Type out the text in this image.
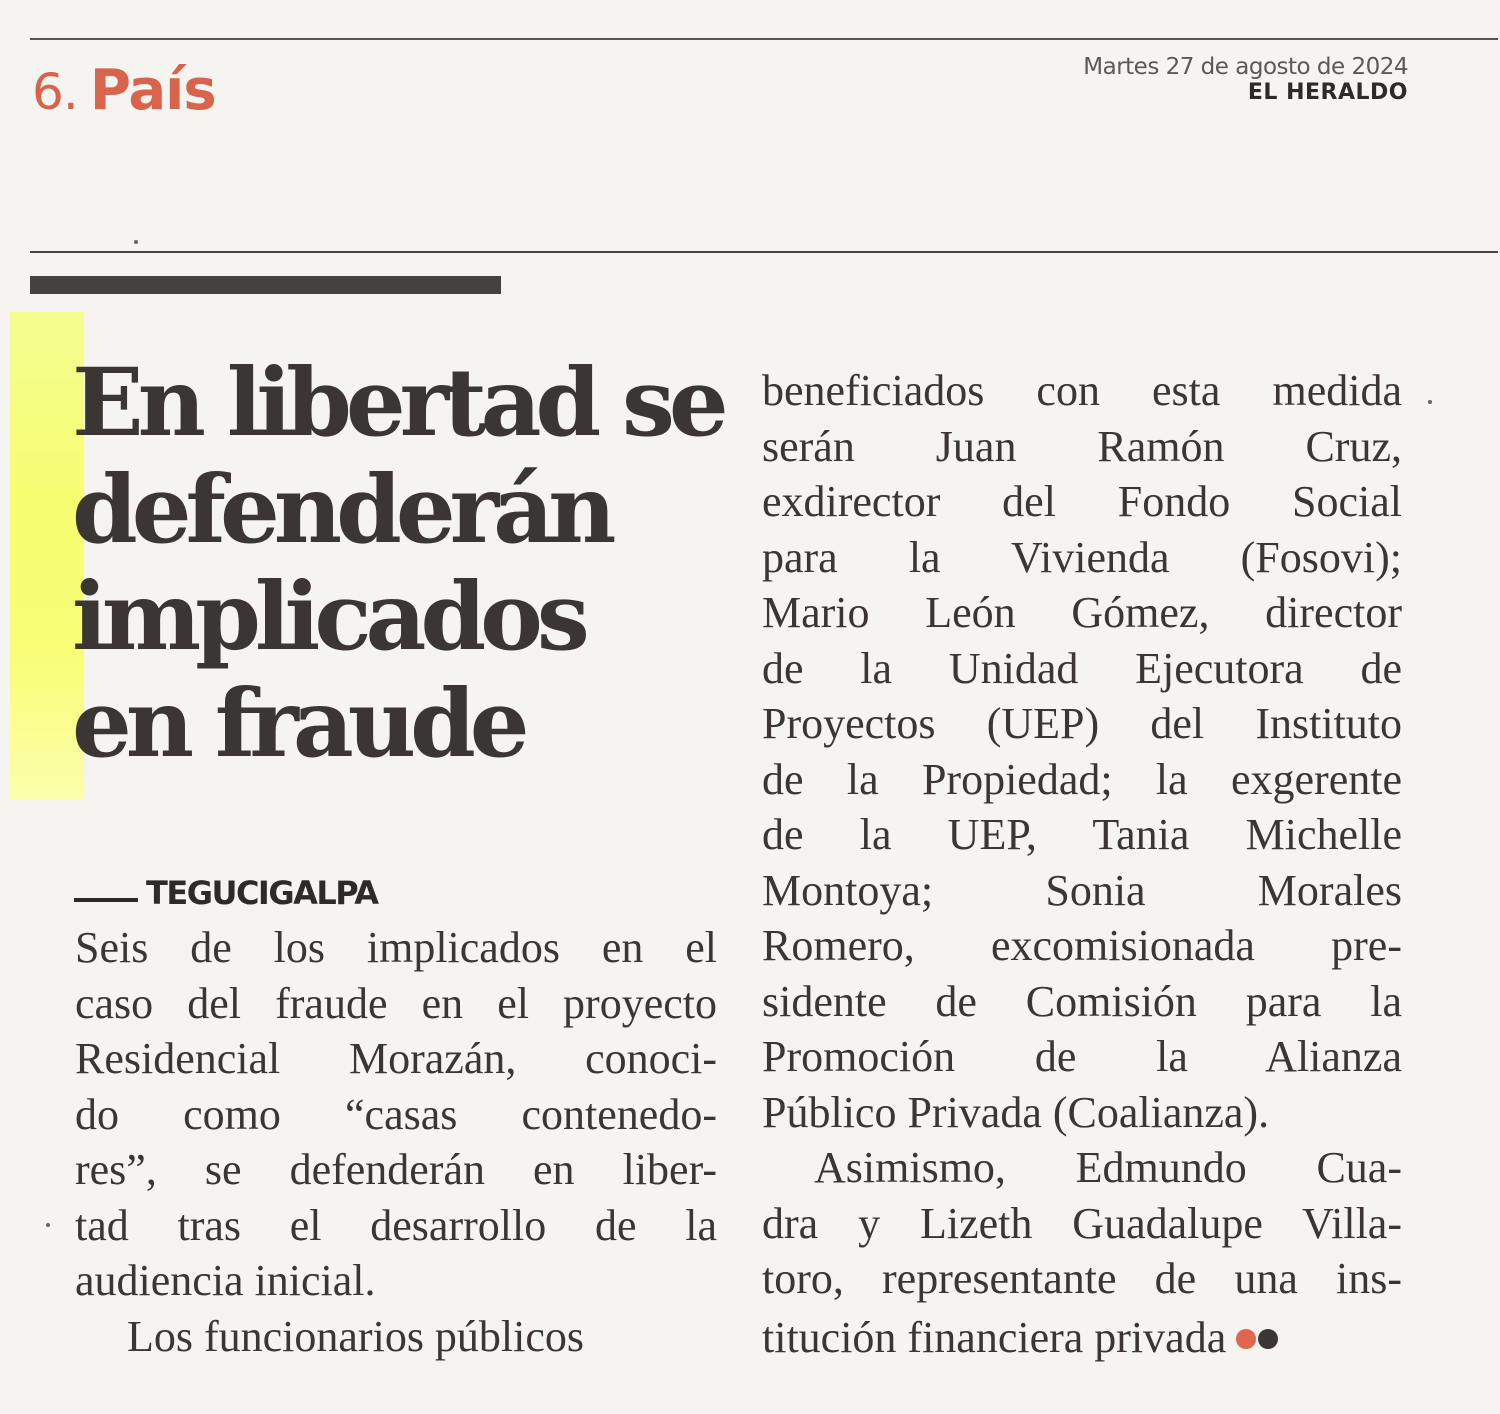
6. País	Martes 27 de agosto de 2024
EL HERALDO
En libertad se
defenderán
implicados
en fraude
TEGUCIGALPA
Seis de los implicados en el
caso del fraude en el proyecto
Residencial Morazán, conoci-
do como “casas contenedo-
res”, se defenderán en liber-
tad tras el desarrollo de la
audiencia inicial.
Los funcionarios públicos
beneficiados con esta medida
serán Juan Ramón Cruz,
exdirector del Fondo Social
para la Vivienda (Fosovi);
Mario León Gómez, director
de la Unidad Ejecutora de
Proyectos (UEP) del Instituto
de la Propiedad; la exgerente
de la UEP, Tania Michelle
Montoya; Sonia Morales
Romero, excomisionada pre-
sidente de Comisión para la
Promoción de la Alianza
Público Privada (Coalianza).
Asimismo, Edmundo Cua-
dra y Lizeth Guadalupe Villa-
toro, representante de una ins-
titución financiera privada
